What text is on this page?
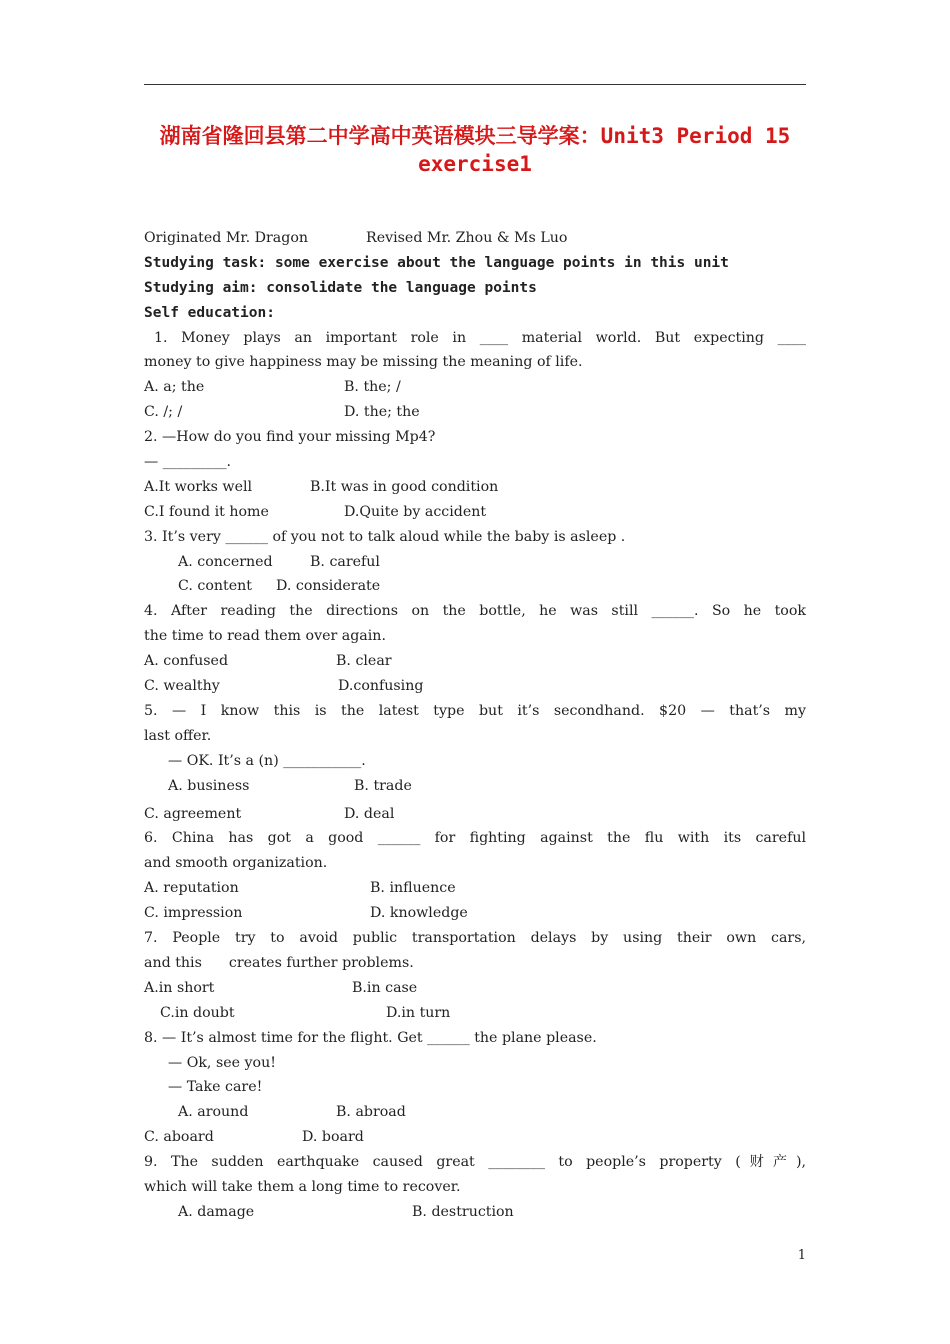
湖南省隆回县第二中学高中英语模块三导学案：Unit3 Period 15
exercise1
Originated Mr. Dragon	Revised Mr. Zhou & Ms Luo
Studying task: some exercise about the language points in this unit
Studying aim: consolidate the language points
Self education:
1. Money plays an important role in ____ material world. But expecting ____
money to give happiness may be missing the meaning of life.
A. a; the	B. the; /
C. /; /	D. the; the
2. —How do you find your missing Mp4?
— _________.
A.It works well	B.It was in good condition
C.I found it home	D.Quite by accident
3. It’s very ______ of you not to talk aloud while the baby is asleep .
A. concerned	B. careful
C. content D. considerate
4. After reading the directions on the bottle, he was still ______. So he took
the time to read them over again.
A. confused	B. clear
C. wealthy	D.confusing
5. — I know this is the latest type but it’s secondhand. $20 — that’s my
last offer.
— OK. It’s a (n) ___________.
A. business	B. trade
C. agreement	D. deal
6. China has got a good ______ for fighting against the flu with its careful
and smooth organization.
A. reputation	B. influence
C. impression	D. knowledge
7. People try to avoid public transportation delays by using their own cars,
and this      creates further problems.
A.in short	B.in case
C.in doubt	D.in turn
8. — It’s almost time for the flight. Get ______ the plane please.
— Ok, see you!
— Take care!
A. around	B. abroad
C. aboard	D. board
9. The sudden earthquake caused great ________ to people’s property (财产),
which will take them a long time to recover.
A. damage	B. destruction
1
